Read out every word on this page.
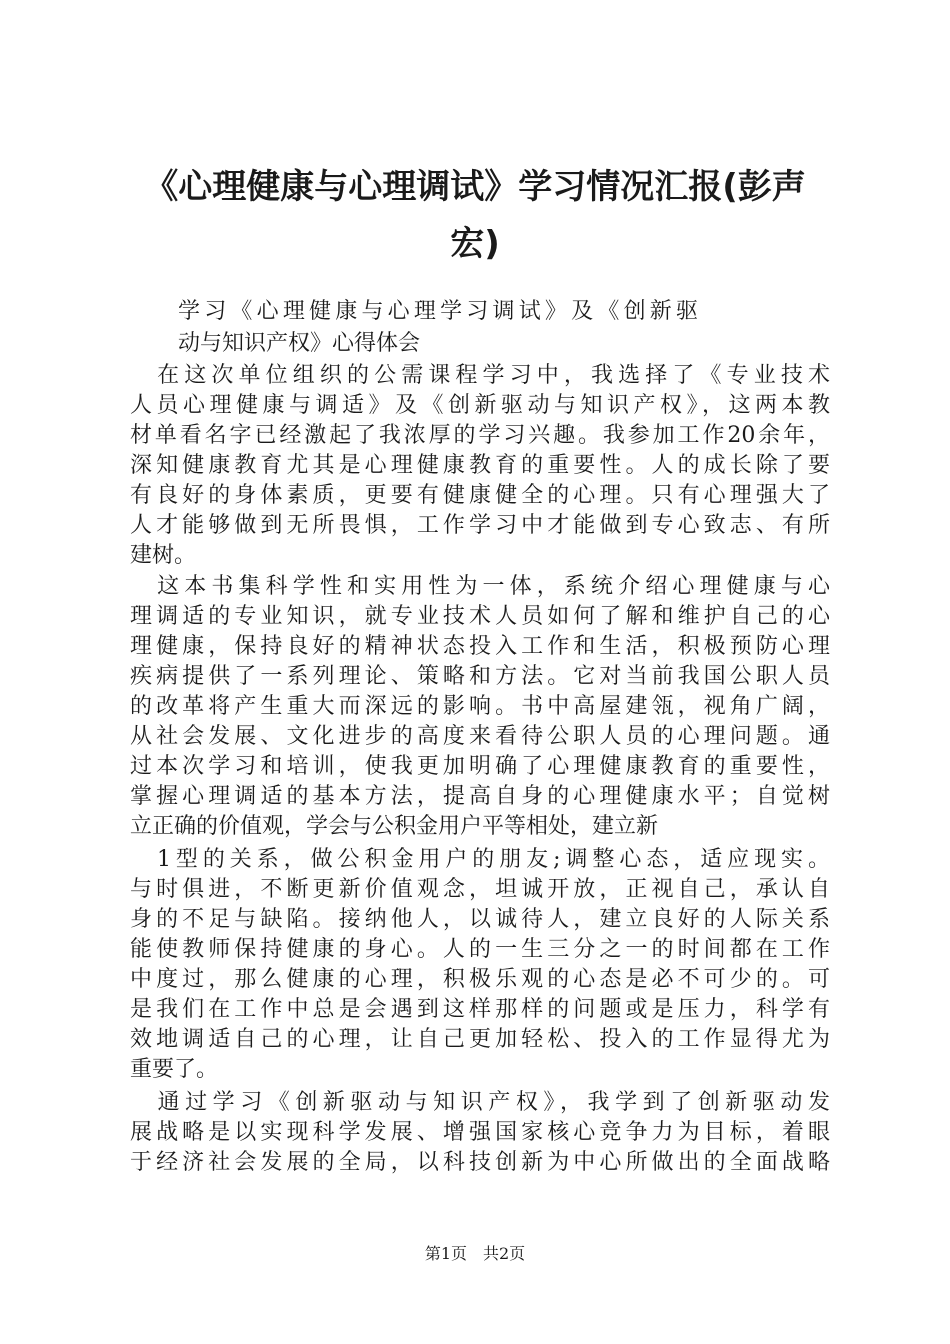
《心理健康与心理调试》学习情况汇报(彭声
宏)
学习《心理健康与心理学习调试》及《创新驱
动与知识产权》心得体会
　在这次单位组织的公需课程学习中，我选择了《专业技术
人员心理健康与调适》及《创新驱动与知识产权》，这两本教
材单看名字已经激起了我浓厚的学习兴趣。我参加工作20余年，
深知健康教育尤其是心理健康教育的重要性。人的成长除了要
有良好的身体素质，更要有健康健全的心理。只有心理强大了
人才能够做到无所畏惧，工作学习中才能做到专心致志、有所
建树。
　这本书集科学性和实用性为一体，系统介绍心理健康与心
理调适的专业知识，就专业技术人员如何了解和维护自己的心
理健康，保持良好的精神状态投入工作和生活，积极预防心理
疾病提供了一系列理论、策略和方法。它对当前我国公职人员
的改革将产生重大而深远的影响。书中高屋建瓴，视角广阔，
从社会发展、文化进步的高度来看待公职人员的心理问题。通
过本次学习和培训，使我更加明确了心理健康教育的重要性，
掌握心理调适的基本方法，提高自身的心理健康水平；自觉树
立正确的价值观，学会与公积金用户平等相处，建立新
　1型的关系，做公积金用户的朋友;调整心态，适应现实。
与时俱进，不断更新价值观念，坦诚开放，正视自己，承认自
身的不足与缺陷。接纳他人，以诚待人，建立良好的人际关系
能使教师保持健康的身心。人的一生三分之一的时间都在工作
中度过，那么健康的心理，积极乐观的心态是必不可少的。可
是我们在工作中总是会遇到这样那样的问题或是压力，科学有
效地调适自己的心理，让自己更加轻松、投入的工作显得尤为
重要了。
　通过学习《创新驱动与知识产权》，我学到了创新驱动发
展战略是以实现科学发展、增强国家核心竞争力为目标，着眼
于经济社会发展的全局，以科技创新为中心所做出的全面战略
第1页　共2页
